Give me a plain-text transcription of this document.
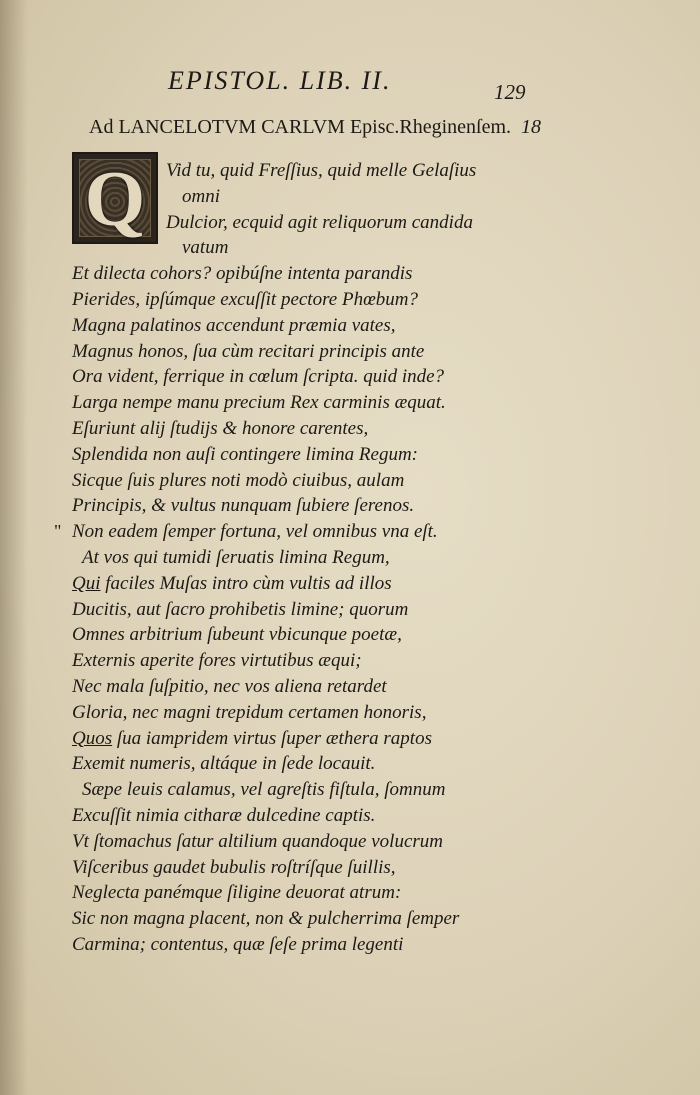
EPISTOL. LIB. II.	129
Ad LANCELOTVM CARLVM Episc.Rheginenſem. 18
Q	Vid tu, quid Freſſius, quid melle Gelaſius
omni
Dulcior, ecquid agit reliquorum candida
vatum
Et dilecta cohors? opibúſne intenta parandis
Pierides, ipſúmque excuſſit pectore Phœbum?
Magna palatinos accendunt præmia vates,
Magnus honos, ſua cùm recitari principis ante
Ora vident, ferrique in cœlum ſcripta. quid inde?
Larga nempe manu precium Rex carminis æquat.
Eſuriunt alij ſtudijs & honore carentes,
Splendida non auſi contingere limina Regum:
Sicque ſuis plures noti modò ciuibus, aulam
Principis, & vultus nunquam ſubiere ſerenos.
" Non eadem ſemper fortuna, vel omnibus vna eſt.
At vos qui tumidi ſeruatis limina Regum,
Qui faciles Muſas intro cùm vultis ad illos
Ducitis, aut ſacro prohibetis limine; quorum
Omnes arbitrium ſubeunt vbicunque poetæ,
Externis aperite fores virtutibus æqui;
Nec mala ſuſpitio, nec vos aliena retardet
Gloria, nec magni trepidum certamen honoris,
Quos ſua iampridem virtus ſuper æthera raptos
Exemit numeris, altáque in ſede locauit.
Sæpe leuis calamus, vel agreſtis fiſtula, ſomnum
Excuſſit nimia citharæ dulcedine captis.
Vt ſtomachus ſatur altilium quandoque volucrum
Viſceribus gaudet bubulis roſtríſque ſuillis,
Neglecta panémque ſiligine deuorat atrum:
Sic non magna placent, non & pulcherrima ſemper
Carmina; contentus, quæ ſeſe prima legenti
